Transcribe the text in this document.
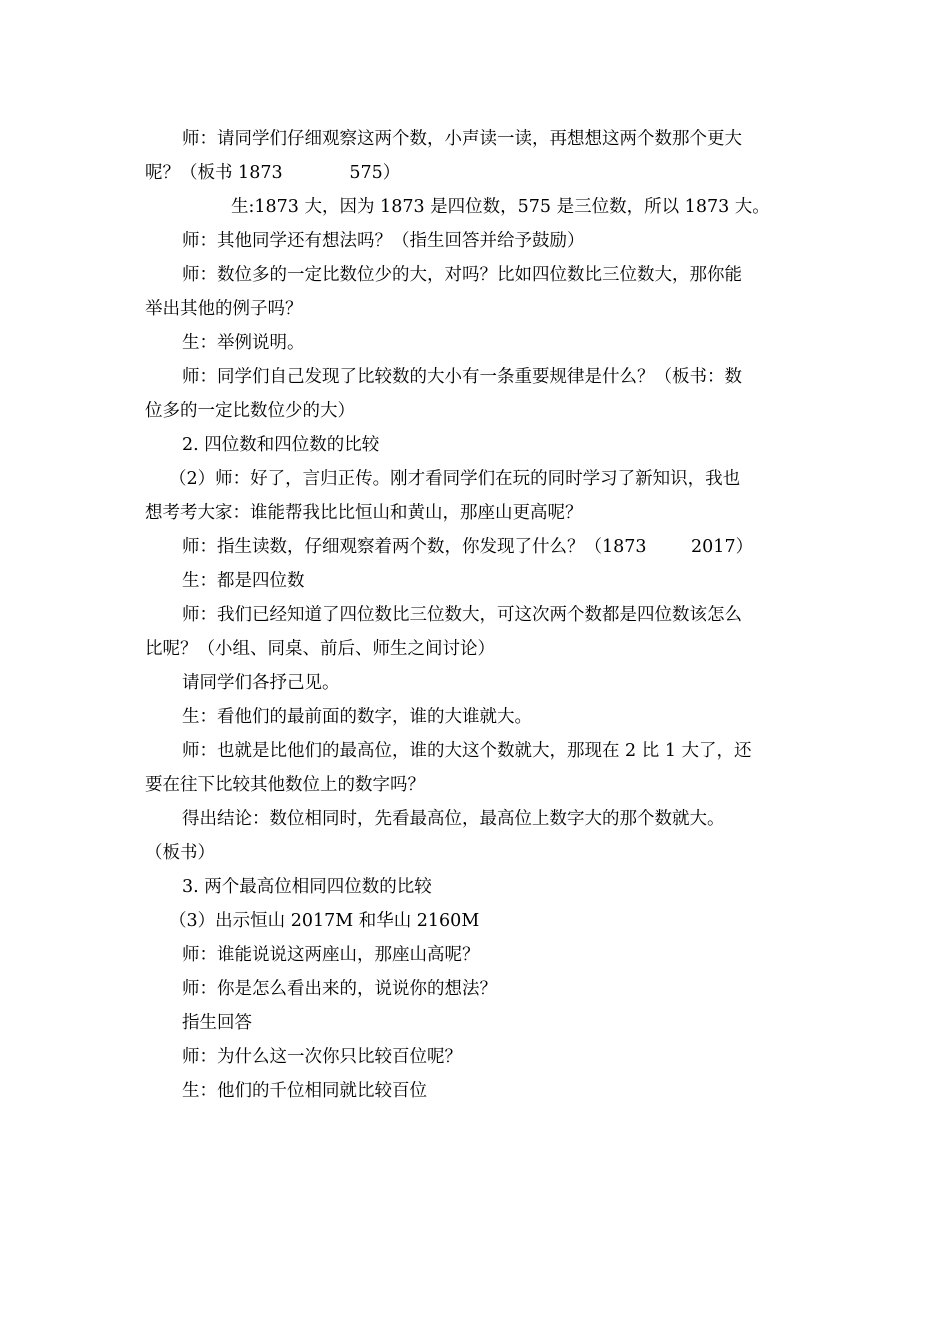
师：请同学们仔细观察这两个数，小声读一读，再想想这两个数那个更大
呢？（板书 1873            575）
生:1873 大，因为 1873 是四位数，575 是三位数，所以 1873 大。
师：其他同学还有想法吗？（指生回答并给予鼓励）
师：数位多的一定比数位少的大，对吗？比如四位数比三位数大，那你能
举出其他的例子吗？
生：举例说明。
师：同学们自己发现了比较数的大小有一条重要规律是什么？（板书：数
位多的一定比数位少的大）
2. 四位数和四位数的比较
（2）师：好了，言归正传。刚才看同学们在玩的同时学习了新知识，我也
想考考大家：谁能帮我比比恒山和黄山，那座山更高呢？
师：指生读数，仔细观察着两个数，你发现了什么？（1873        2017）
生：都是四位数
师：我们已经知道了四位数比三位数大，可这次两个数都是四位数该怎么
比呢？（小组、同桌、前后、师生之间讨论）
请同学们各抒己见。
生：看他们的最前面的数字，谁的大谁就大。
师：也就是比他们的最高位，谁的大这个数就大，那现在 2 比 1 大了，还
要在往下比较其他数位上的数字吗？
得出结论：数位相同时，先看最高位，最高位上数字大的那个数就大。
（板书）
3. 两个最高位相同四位数的比较
（3）出示恒山 2017M 和华山 2160M
师：谁能说说这两座山，那座山高呢？
师：你是怎么看出来的，说说你的想法？
指生回答
师：为什么这一次你只比较百位呢？
生：他们的千位相同就比较百位
